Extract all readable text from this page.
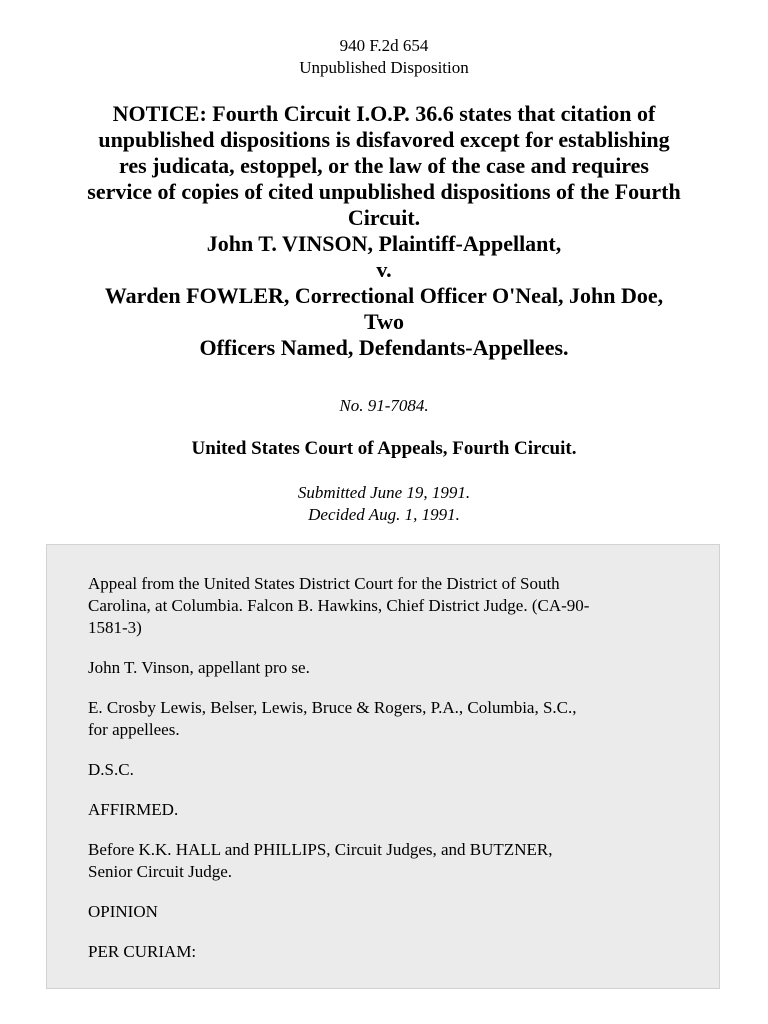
940 F.2d 654
Unpublished Disposition
NOTICE: Fourth Circuit I.O.P. 36.6 states that citation of
unpublished dispositions is disfavored except for establishing
res judicata, estoppel, or the law of the case and requires
service of copies of cited unpublished dispositions of the Fourth
Circuit.
John T. VINSON, Plaintiff-Appellant,
v.
Warden FOWLER, Correctional Officer O'Neal, John Doe,
Two
Officers Named, Defendants-Appellees.
No. 91-7084.
United States Court of Appeals, Fourth Circuit.
Submitted June 19, 1991.
Decided Aug. 1, 1991.
Appeal from the United States District Court for the District of South
Carolina, at Columbia. Falcon B. Hawkins, Chief District Judge. (CA-90-
1581-3)
John T. Vinson, appellant pro se.
E. Crosby Lewis, Belser, Lewis, Bruce & Rogers, P.A., Columbia, S.C.,
for appellees.
D.S.C.
AFFIRMED.
Before K.K. HALL and PHILLIPS, Circuit Judges, and BUTZNER,
Senior Circuit Judge.
OPINION
PER CURIAM:
